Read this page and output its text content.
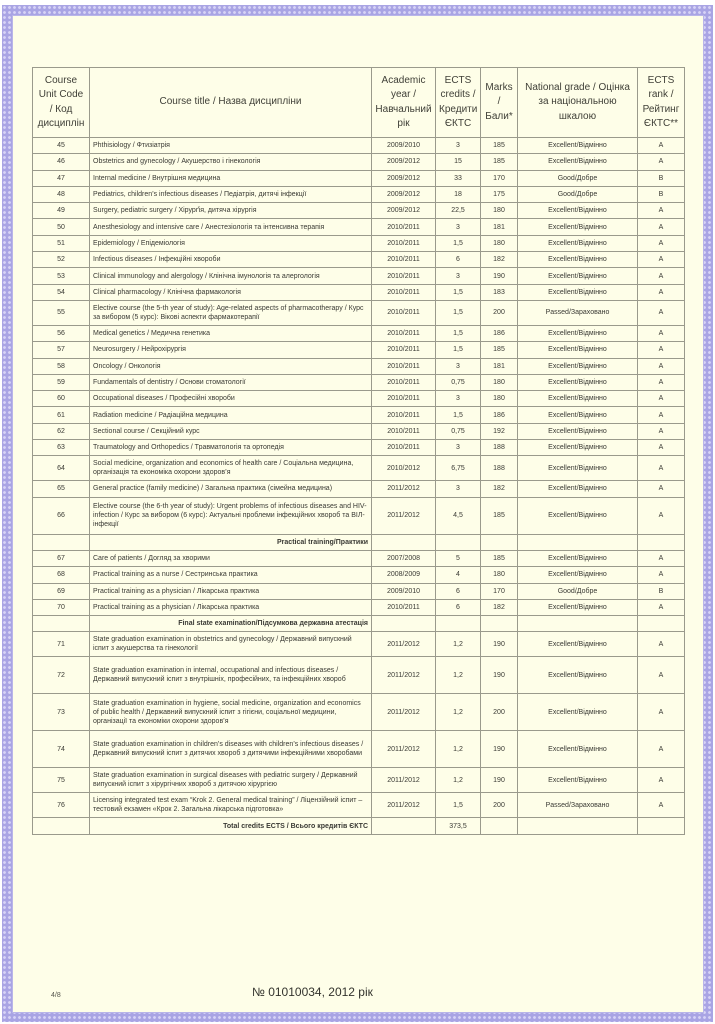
Course Unit Code / Код дисциплін	Course title / Назва дисципліни	Academic year / Навчальний рік	ECTS credits / Кредити ЄКТС	Marks / Бали*	National grade / Оцінка за національною шкалою	ECTS rank / Рейтинг ЄКТС**
45	Phthisiology / Фтизіатрія	2009/2010	3	185	Excellent/Відмінно	A
46	Obstetrics and gynecology / Акушерство і гінекологія	2009/2012	15	185	Excellent/Відмінно	A
47	Internal medicine / Внутрішня медицина	2009/2012	33	170	Good/Добре	B
48	Pediatrics, children’s infectious diseases / Педіатрія, дитячі інфекції	2009/2012	18	175	Good/Добре	B
49	Surgery, pediatric surgery / Хірурґія, дитяча хірургія	2009/2012	22,5	180	Excellent/Відмінно	A
50	Anesthesiology and intensive care / Анестезіологія та інтенсивна терапія	2010/2011	3	181	Excellent/Відмінно	A
51	Epidemiology / Епідеміологія	2010/2011	1,5	180	Excellent/Відмінно	A
52	Infectious diseases / Інфекційні хвороби	2010/2011	6	182	Excellent/Відмінно	A
53	Clinical immunology and alergology / Клінічна імунологія та алергологія	2010/2011	3	190	Excellent/Відмінно	A
54	Clinical pharmacology / Клінічна фармакологія	2010/2011	1,5	183	Excellent/Відмінно	A
55	Elective course (the 5-th year of study): Age-related aspects of pharmacotherapy / Курс за вибором (5 курс): Вікові аспекти фармакотерапії	2010/2011	1,5	200	Passed/Зараховано	A
56	Medical genetics / Медична генетика	2010/2011	1,5	186	Excellent/Відмінно	A
57	Neurosurgery / Нейрохірургія	2010/2011	1,5	185	Excellent/Відмінно	A
58	Oncology / Онкологія	2010/2011	3	181	Excellent/Відмінно	A
59	Fundamentals of dentistry / Основи стоматології	2010/2011	0,75	180	Excellent/Відмінно	A
60	Occupational diseases / Професійні хвороби	2010/2011	3	180	Excellent/Відмінно	A
61	Radiation medicine / Радіаційна медицина	2010/2011	1,5	186	Excellent/Відмінно	A
62	Sectional course / Секційний курс	2010/2011	0,75	192	Excellent/Відмінно	A
63	Traumatology and Orthopedics / Травматологія та ортопедія	2010/2011	3	188	Excellent/Відмінно	A
64	Social medicine, organization and economics of health care / Соціальна медицина, організація та економіка охорони здоров’я	2010/2012	6,75	188	Excellent/Відмінно	A
65	General practice (family medicine) / Загальна практика (сімейна медицина)	2011/2012	3	182	Excellent/Відмінно	A
66	Elective course (the 6-th year of study): Urgent problems of infectious diseases and HIV-infection / Курс за вибором (6 курс): Актуальні проблеми інфекційних хвороб та ВІЛ-інфекції	2011/2012	4,5	185	Excellent/Відмінно	A
	Practical training/Практики					
67	Care of patients / Догляд за хворими	2007/2008	5	185	Excellent/Відмінно	A
68	Practical training as a nurse / Сестринська практика	2008/2009	4	180	Excellent/Відмінно	A
69	Practical training as a physician / Лікарська практика	2009/2010	6	170	Good/Добре	B
70	Practical training as a physician / Лікарська практика	2010/2011	6	182	Excellent/Відмінно	A
	Final state examination/Підсумкова державна атестація					
71	State graduation examination in obstetrics and gynecology / Державний випускний іспит з акушерства та гінекології	2011/2012	1,2	190	Excellent/Відмінно	A
72	State graduation examination in internal, occupational and infectious diseases / Державний випускний іспит з внутрішніх, професійних, та інфекційних хвороб	2011/2012	1,2	190	Excellent/Відмінно	A
73	State graduation examination in hygiene, social medicine, organization and economics of public health / Державний випускний іспит з гігієни, соціальної медицини, організації та економіки охорони здоров’я	2011/2012	1,2	200	Excellent/Відмінно	A
74	State graduation examination in children’s diseases with children’s infectious diseases / Державний випускний іспит з дитячих хвороб з дитячими інфекційними хворобами	2011/2012	1,2	190	Excellent/Відмінно	A
75	State graduation examination in surgical diseases with pediatric surgery / Державний випускний іспит з хірургічних хвороб з дитячою хірургією	2011/2012	1,2	190	Excellent/Відмінно	A
76	Licensing integrated test exam “Krok 2. General medical training” / Ліцензійний іспит – тестовий екзамен «Крок 2. Загальна лікарська підготовка»	2011/2012	1,5	200	Passed/Зараховано	A
	Total credits ECTS / Всього кредитів ЄКТС		373,5			
4/8	№ 01010034, 2012 рік
